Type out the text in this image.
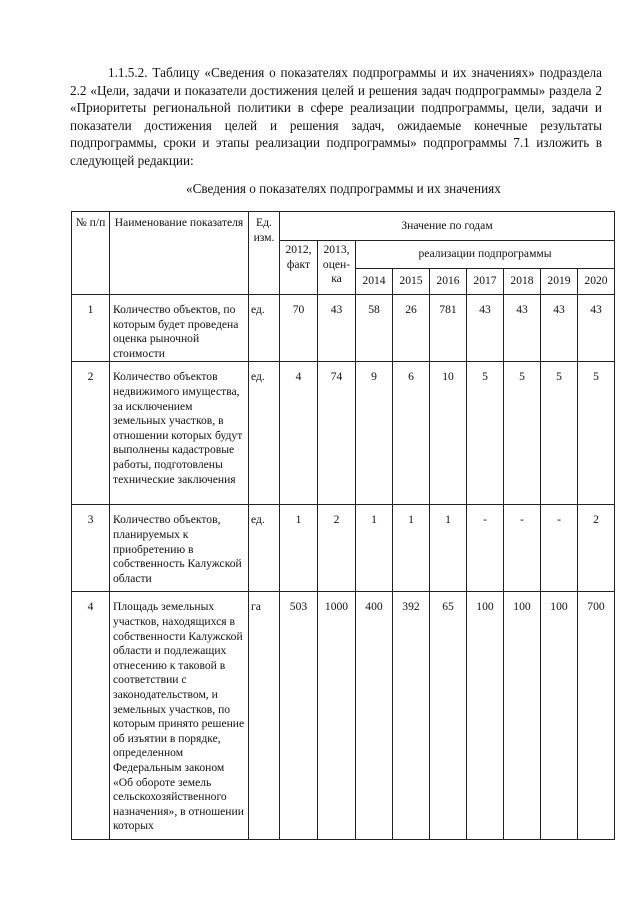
1.1.5.2. Таблицу «Сведения о показателях подпрограммы и их значениях» подраздела 2.2 «Цели, задачи и показатели достижения целей и решения задач подпрограммы» раздела 2 «Приоритеты региональной политики в сфере реализации подпрограммы, цели, задачи и показатели достижения целей и решения задач, ожидаемые конечные результаты подпрограммы, сроки и этапы реализации подпрограммы» подпрограммы 7.1 изложить в следующей редакции:
«Сведения о показателях подпрограммы и их значениях
№ п/п	Наименование показателя	Ед. изм.	Значение по годам								
			2012, факт	2013, оцен-ка	реализации подпрограммы						
					2014	2015	2016	2017	2018	2019	2020
1	Количество объектов, по которым будет проведена оценка рыночной стоимости	ед.	70	43	58	26	781	43	43	43	43
2	Количество объектов недвижимого имущества, за исключением земельных участков, в отношении которых будут выполнены кадастровые работы, подготовлены технические заключения	ед.	4	74	9	6	10	5	5	5	5
3	Количество объектов, планируемых к приобретению в собственность Калужской области	ед.	1	2	1	1	1	-	-	-	2
4	Площадь земельных участков, находящихся в собственности Калужской области и подлежащих отнесению к таковой в соответствии с законодательством, и земельных участков, по которым принято решение об изъятии в порядке, определенном Федеральным законом «Об обороте земель сельскохозяйственного назначения», в отношении которых	га	503	1000	400	392	65	100	100	100	700
